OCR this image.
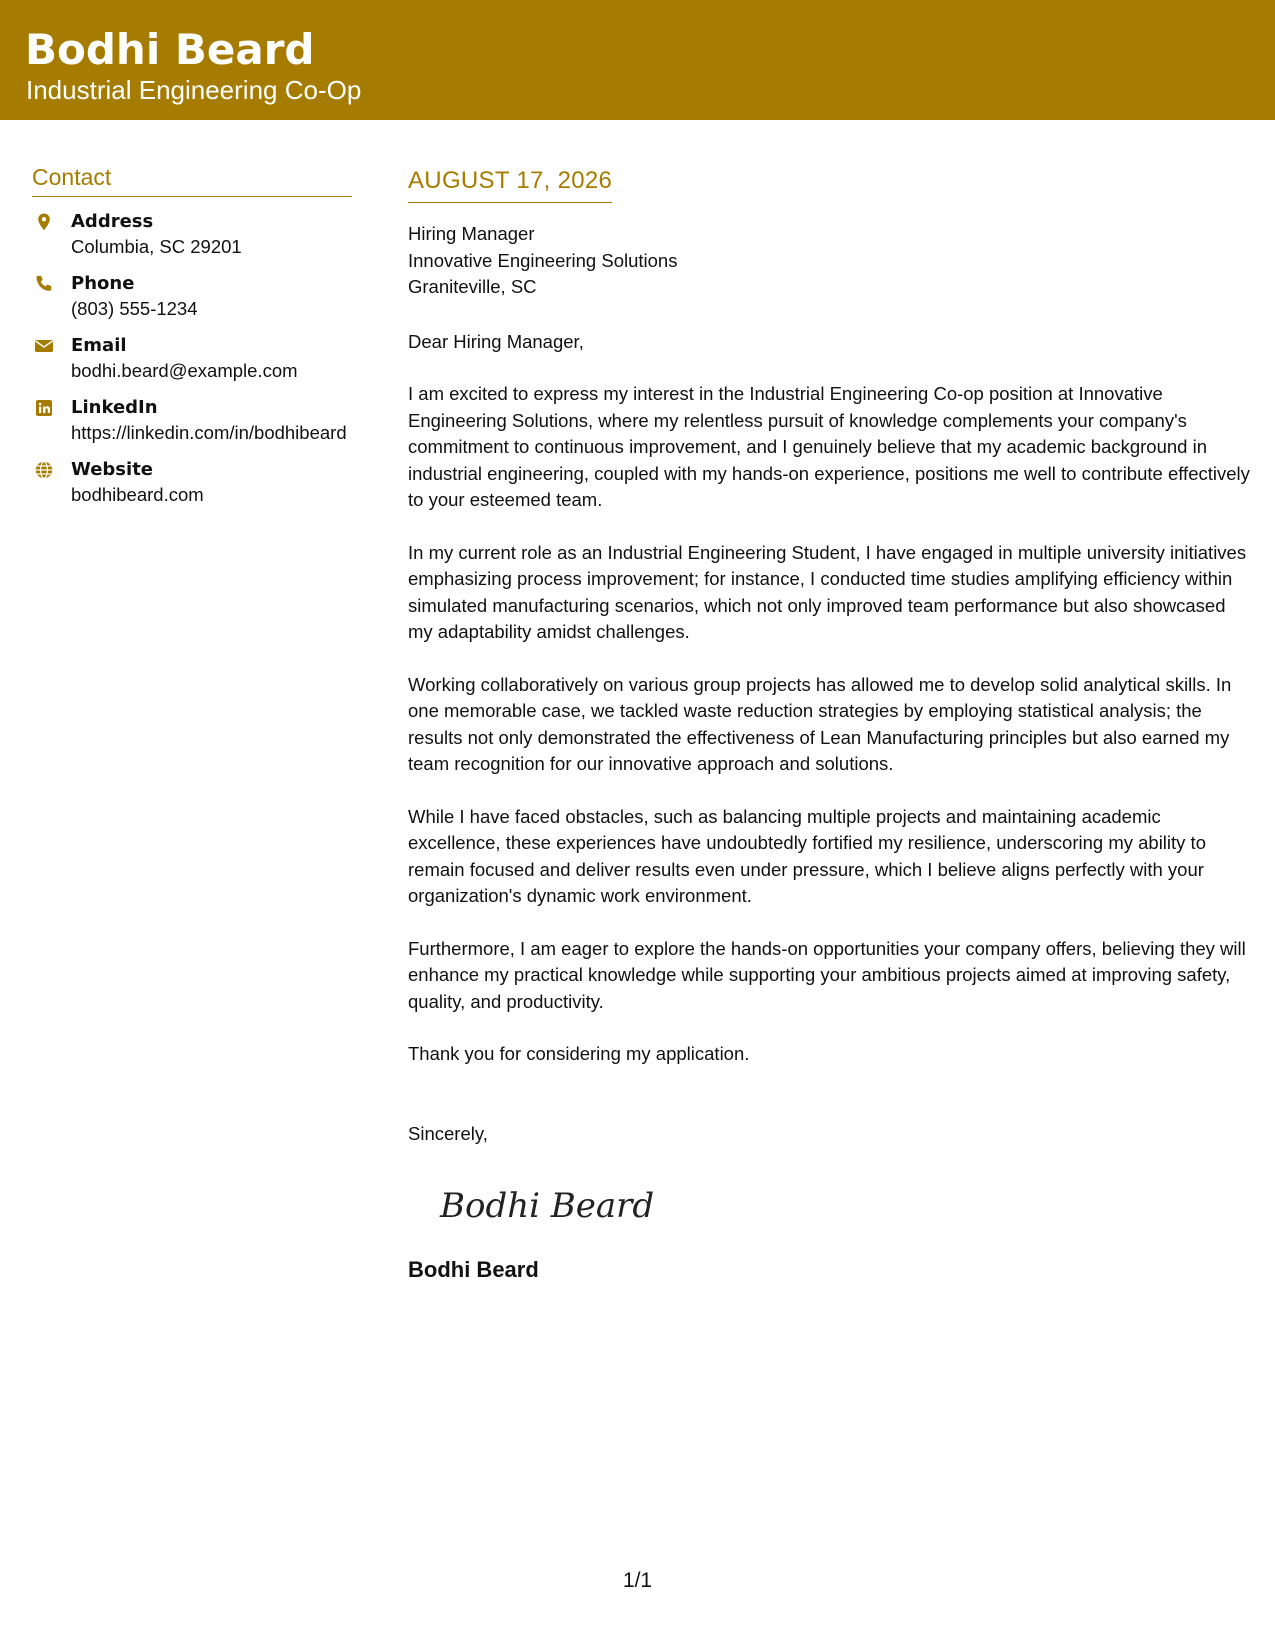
Bodhi Beard
Industrial Engineering Co-Op
Contact
Address
Columbia, SC 29201
Phone
(803) 555-1234
Email
bodhi.beard@example.com
LinkedIn
https://linkedin.com/in/bodhibeard
Website
bodhibeard.com
AUGUST 17, 2026
Hiring Manager
Innovative Engineering Solutions
Graniteville, SC
Dear Hiring Manager,
I am excited to express my interest in the Industrial Engineering Co-op position at Innovative Engineering Solutions, where my relentless pursuit of knowledge complements your company's commitment to continuous improvement, and I genuinely believe that my academic background in industrial engineering, coupled with my hands-on experience, positions me well to contribute effectively to your esteemed team.
In my current role as an Industrial Engineering Student, I have engaged in multiple university initiatives emphasizing process improvement; for instance, I conducted time studies amplifying efficiency within simulated manufacturing scenarios, which not only improved team performance but also showcased my adaptability amidst challenges.
Working collaboratively on various group projects has allowed me to develop solid analytical skills. In one memorable case, we tackled waste reduction strategies by employing statistical analysis; the results not only demonstrated the effectiveness of Lean Manufacturing principles but also earned my team recognition for our innovative approach and solutions.
While I have faced obstacles, such as balancing multiple projects and maintaining academic excellence, these experiences have undoubtedly fortified my resilience, underscoring my ability to remain focused and deliver results even under pressure, which I believe aligns perfectly with your organization's dynamic work environment.
Furthermore, I am eager to explore the hands-on opportunities your company offers, believing they will enhance my practical knowledge while supporting your ambitious projects aimed at improving safety, quality, and productivity.
Thank you for considering my application.
Sincerely,
Bodhi Beard
Bodhi Beard
1/1
